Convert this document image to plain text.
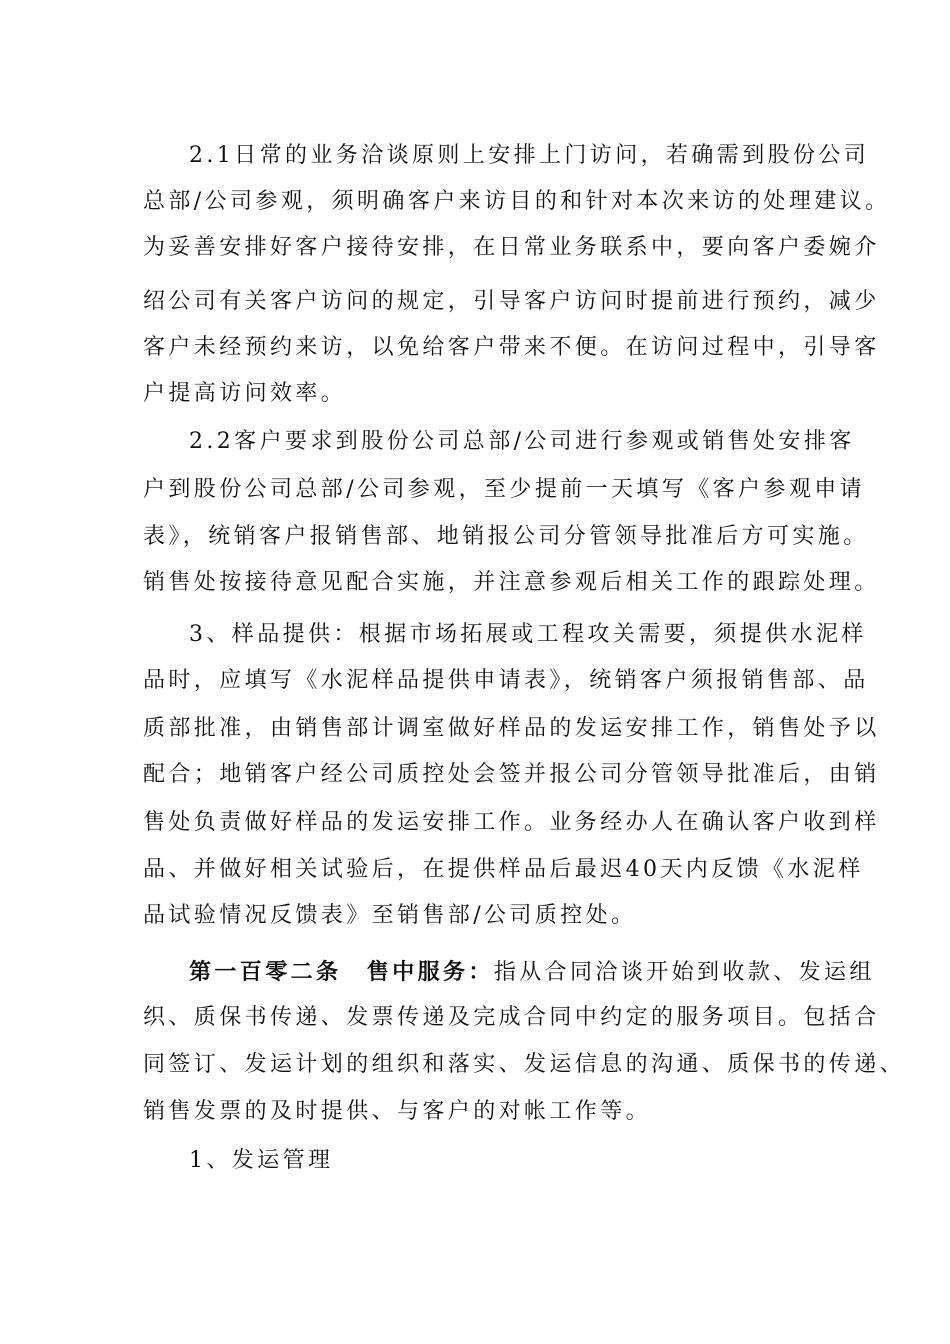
2.1日常的业务洽谈原则上安排上门访问，若确需到股份公司
总部/公司参观，须明确客户来访目的和针对本次来访的处理建议。
为妥善安排好客户接待安排，在日常业务联系中，要向客户委婉介
绍公司有关客户访问的规定，引导客户访问时提前进行预约，减少
客户未经预约来访，以免给客户带来不便。在访问过程中，引导客
户提高访问效率。
2.2客户要求到股份公司总部/公司进行参观或销售处安排客
户到股份公司总部/公司参观，至少提前一天填写《客户参观申请
表》，统销客户报销售部、地销报公司分管领导批准后方可实施。
销售处按接待意见配合实施，并注意参观后相关工作的跟踪处理。
3、样品提供：根据市场拓展或工程攻关需要，须提供水泥样
品时，应填写《水泥样品提供申请表》，统销客户须报销售部、品
质部批准，由销售部计调室做好样品的发运安排工作，销售处予以
配合；地销客户经公司质控处会签并报公司分管领导批准后，由销
售处负责做好样品的发运安排工作。业务经办人在确认客户收到样
品、并做好相关试验后，在提供样品后最迟40天内反馈《水泥样
品试验情况反馈表》至销售部/公司质控处。
第一百零二条　售中服务：指从合同洽谈开始到收款、发运组
织、质保书传递、发票传递及完成合同中约定的服务项目。包括合
同签订、发运计划的组织和落实、发运信息的沟通、质保书的传递、
销售发票的及时提供、与客户的对帐工作等。
1、发运管理
